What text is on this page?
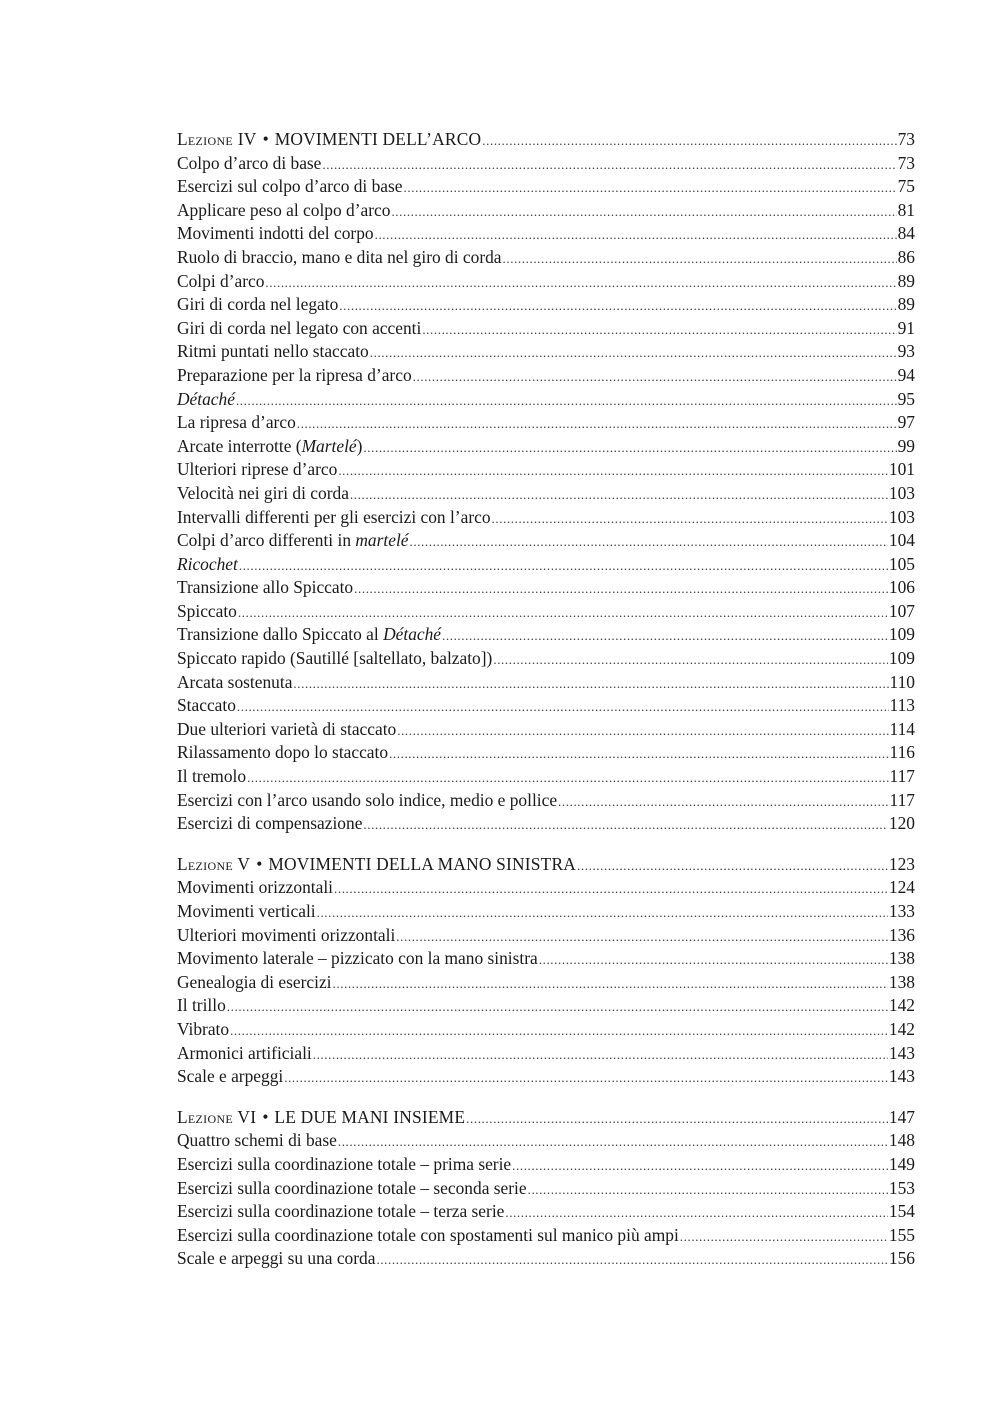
Lezione IV • MOVIMENTI DELL’ARCO .....	73
Colpo d’arco di base .....	73
Esercizi sul colpo d’arco di base .....	75
Applicare peso al colpo d’arco .....	81
Movimenti indotti del corpo .....	84
Ruolo di braccio, mano e dita nel giro di corda .....	86
Colpi d’arco .....	89
Giri di corda nel legato .....	89
Giri di corda nel legato con accenti .....	91
Ritmi puntati nello staccato .....	93
Preparazione per la ripresa d’arco .....	94
Détaché .....	95
La ripresa d’arco .....	97
Arcate interrotte (Martelé) .....	99
Ulteriori riprese d’arco .....	101
Velocità nei giri di corda .....	103
Intervalli differenti per gli esercizi con l’arco .....	103
Colpi d’arco differenti in martelé .....	104
Ricochet .....	105
Transizione allo Spiccato .....	106
Spiccato .....	107
Transizione dallo Spiccato al Détaché .....	109
Spiccato rapido (Sautillé [saltellato, balzato]) .....	109
Arcata sostenuta .....	110
Staccato .....	113
Due ulteriori varietà di staccato .....	114
Rilassamento dopo lo staccato .....	116
Il tremolo .....	117
Esercizi con l’arco usando solo indice, medio e pollice .....	117
Esercizi di compensazione .....	120
Lezione V • MOVIMENTI DELLA MANO SINISTRA .....	123
Movimenti orizzontali .....	124
Movimenti verticali .....	133
Ulteriori movimenti orizzontali .....	136
Movimento laterale – pizzicato con la mano sinistra .....	138
Genealogia di esercizi .....	138
Il trillo .....	142
Vibrato .....	142
Armonici artificiali .....	143
Scale e arpeggi .....	143
Lezione VI • LE DUE MANI INSIEME .....	147
Quattro schemi di base .....	148
Esercizi sulla coordinazione totale – prima serie .....	149
Esercizi sulla coordinazione totale – seconda serie .....	153
Esercizi sulla coordinazione totale – terza serie .....	154
Esercizi sulla coordinazione totale con spostamenti sul manico più ampi .....	155
Scale e arpeggi su una corda .....	156
